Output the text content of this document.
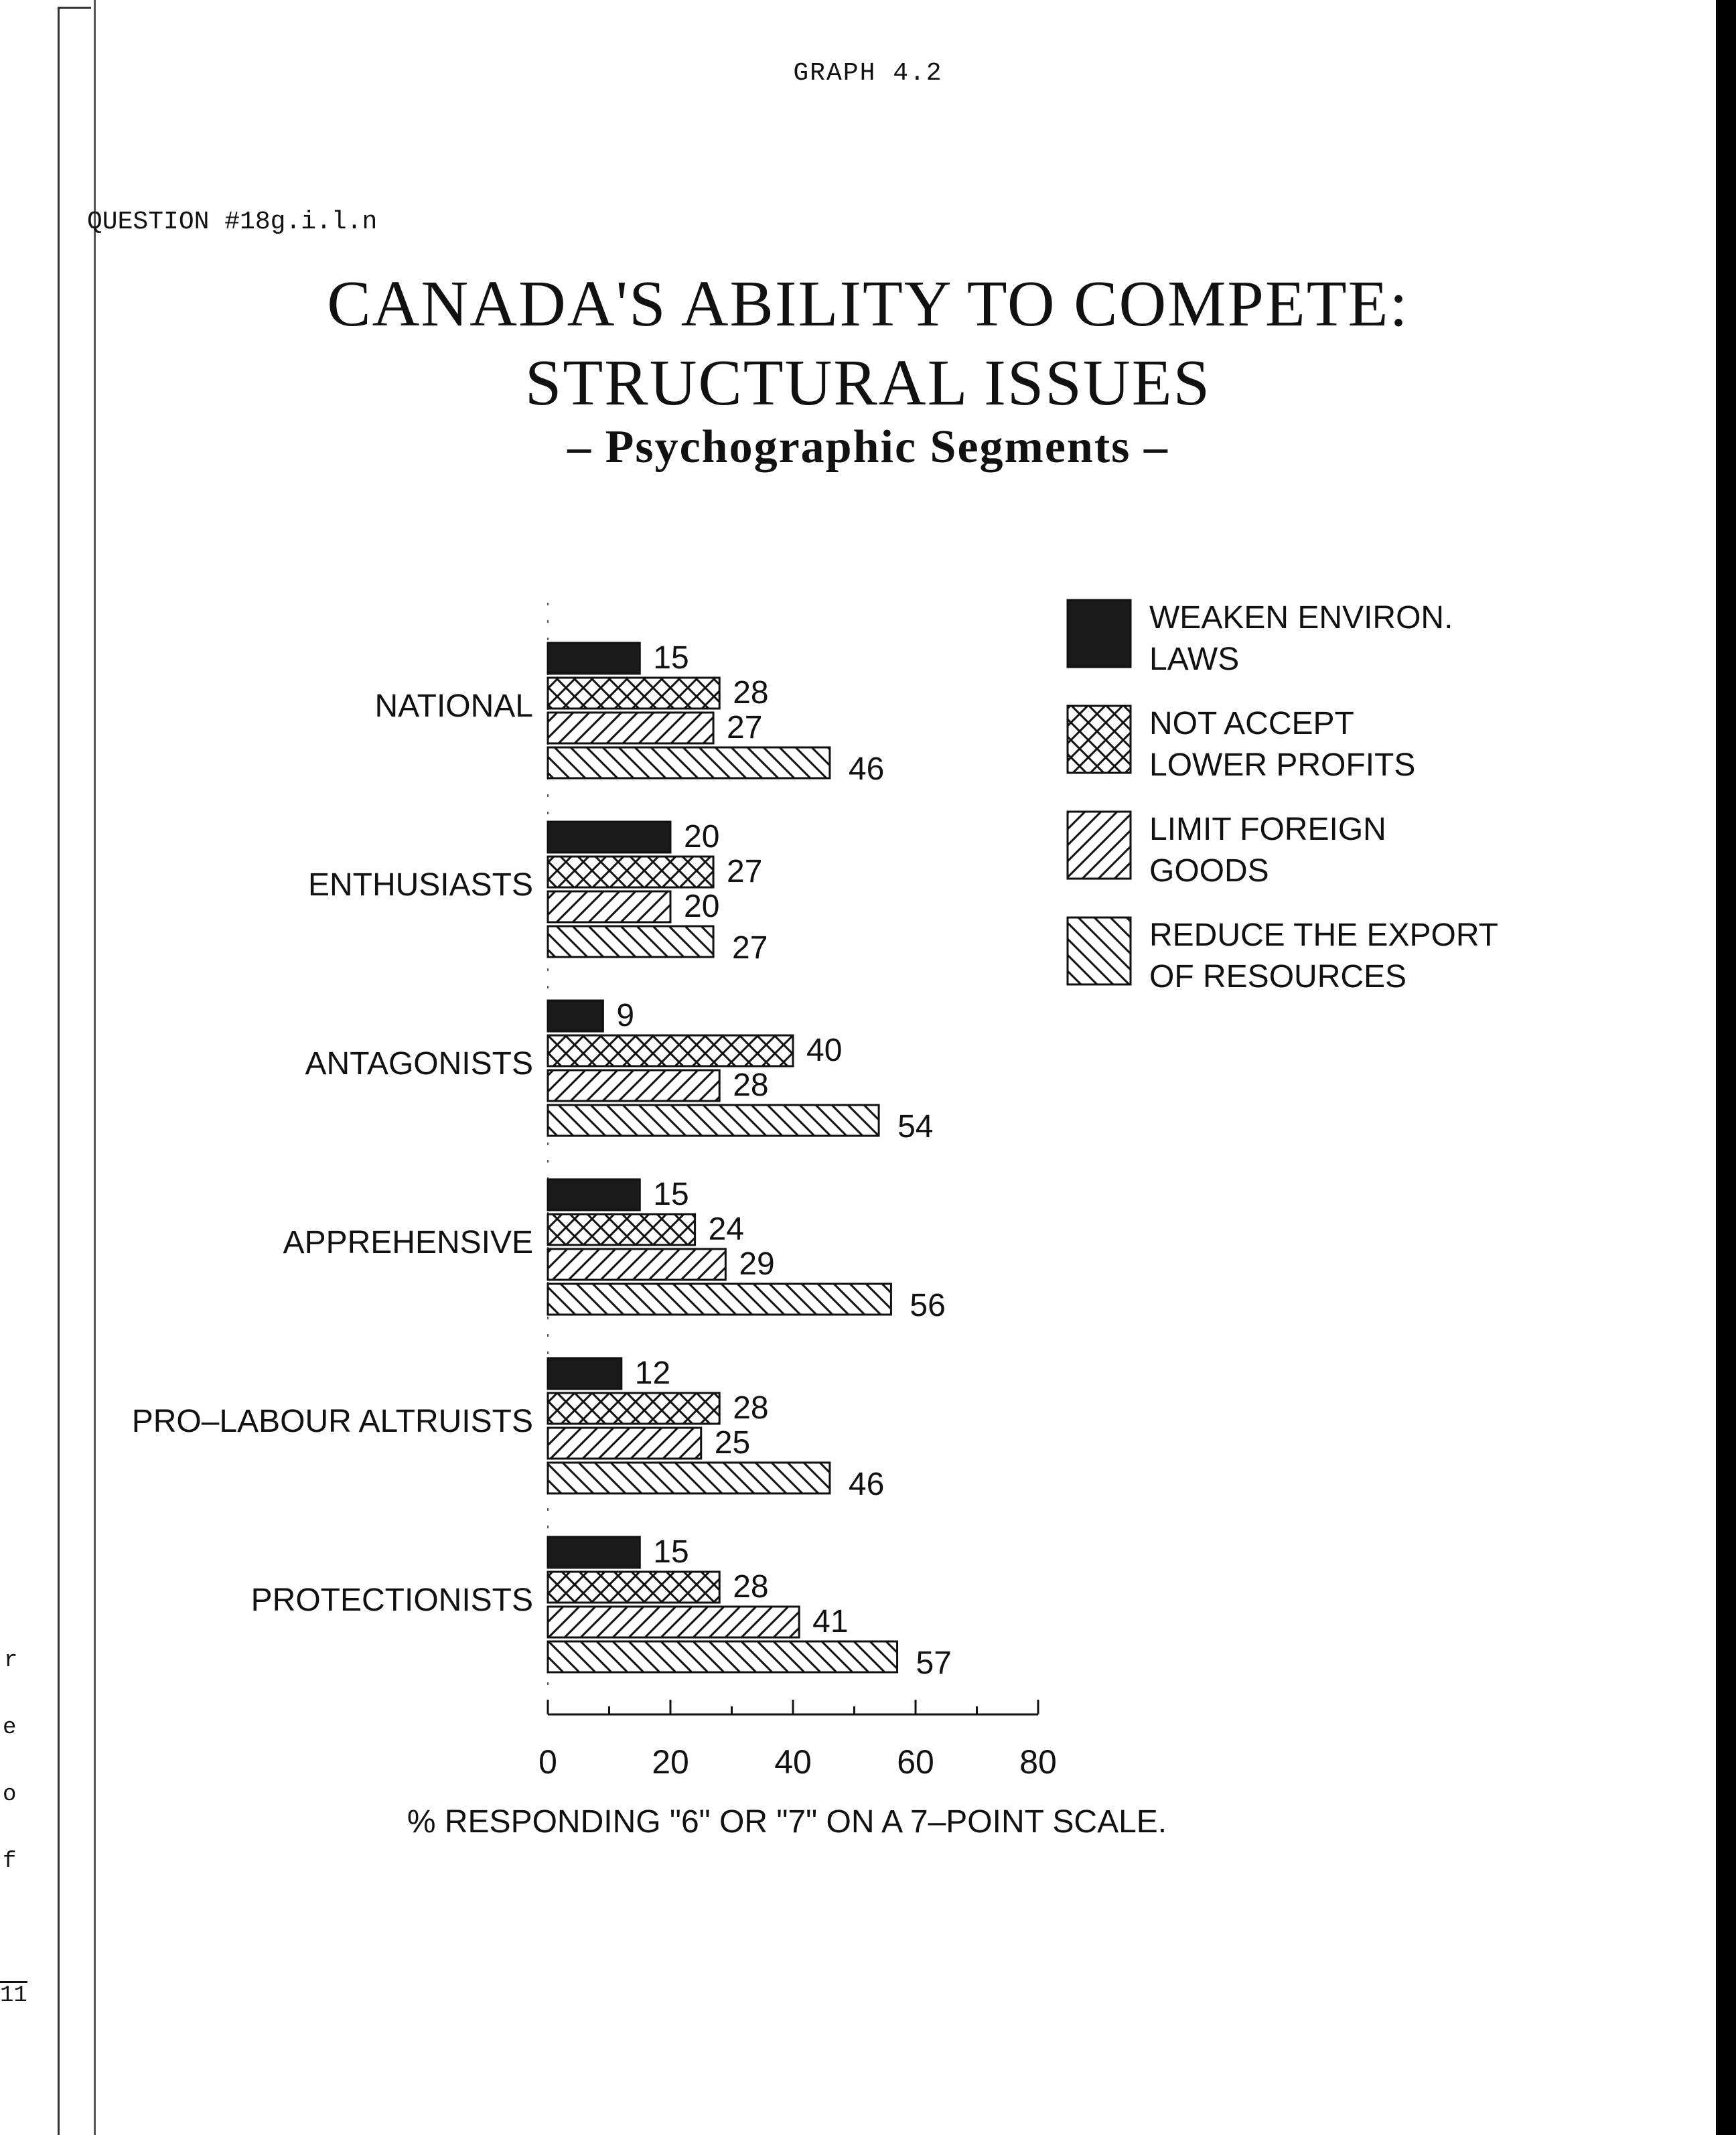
GRAPH 4.2
QUESTION #18g.i.l.n
CANADA'S ABILITY TO COMPETE:
STRUCTURAL ISSUES
– Psychographic Segments –
r
e
o
f
11
NATIONAL
15
28
27
46
ENTHUSIASTS
20
27
20
27
ANTAGONISTS
9
40
28
54
APPREHENSIVE
15
24
29
56
PRO–LABOUR ALTRUISTS
12
28
25
46
PROTECTIONISTS
15
28
41
57
0	20	40	60	80
% RESPONDING "6" OR "7" ON A 7–POINT SCALE.
WEAKEN ENVIRON.
LAWS
NOT ACCEPT
LOWER PROFITS
LIMIT FOREIGN
GOODS
REDUCE THE EXPORT
OF RESOURCES
